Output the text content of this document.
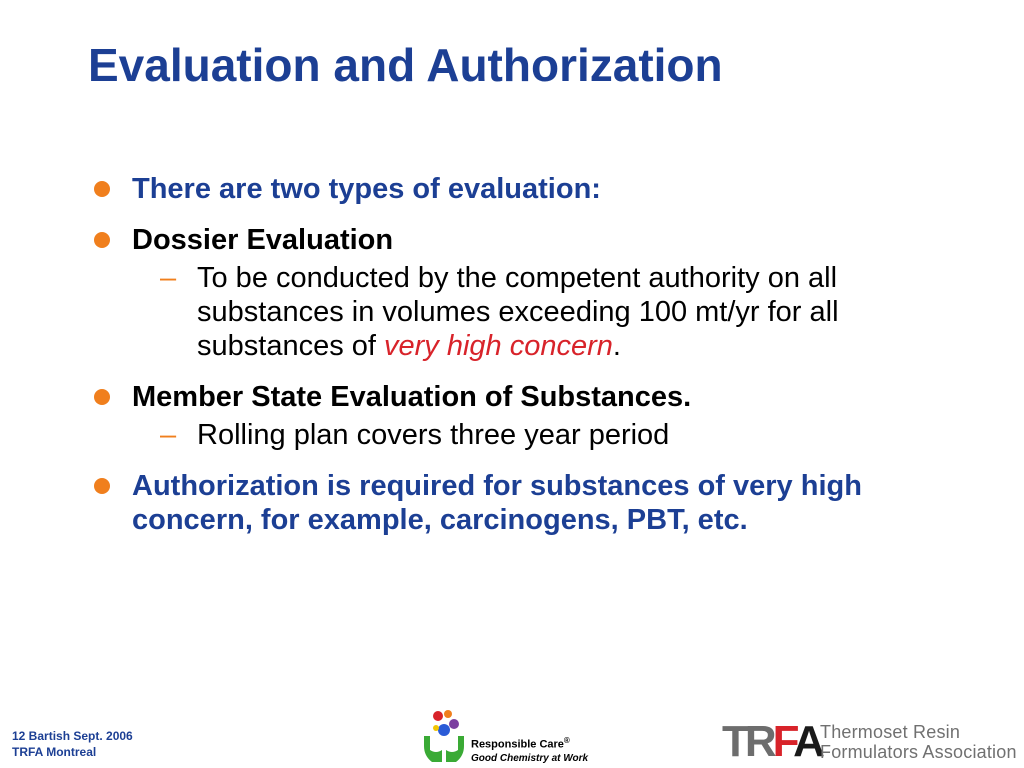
Evaluation and Authorization
There are two types of evaluation:
Dossier Evaluation
– To be conducted by the competent authority on all substances in volumes exceeding 100 mt/yr for all substances of very high concern.
Member State Evaluation of Substances.
– Rolling plan covers three year period
Authorization is required for substances of very high concern, for example, carcinogens, PBT, etc.
12 Bartish Sept. 2006
TRFA Montreal
Responsible Care®
Good Chemistry at Work	TRFA Thermoset Resin
Formulators Association
